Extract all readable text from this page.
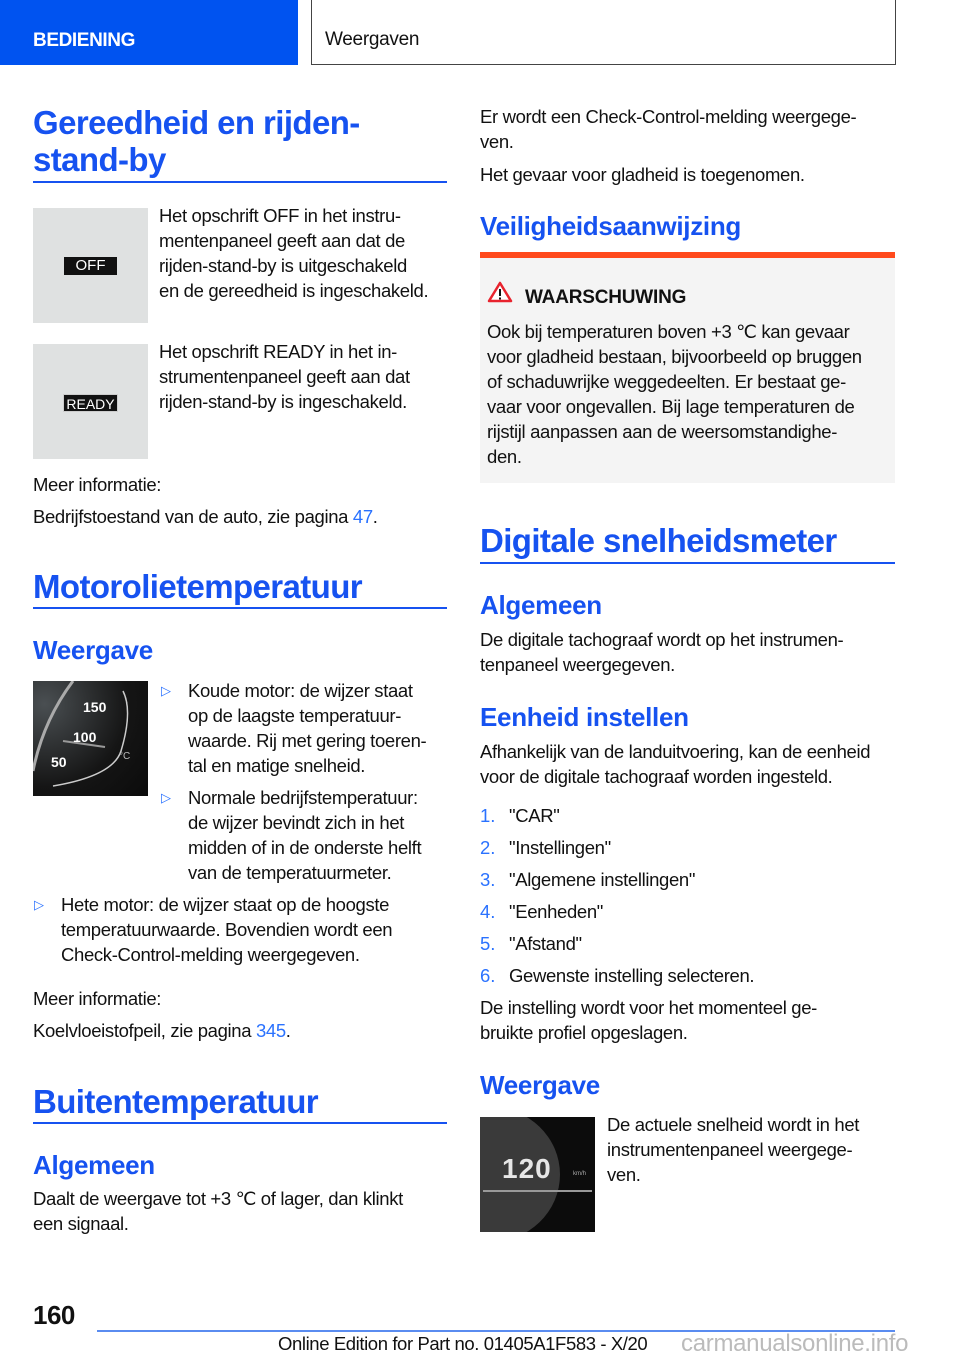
BEDIENING	Weergaven
Gereedheid en rijden-
stand-by
OFF
Het opschrift OFF in het instru-
mentenpaneel geeft aan dat de
rijden-stand-by is uitgeschakeld
en de gereedheid is ingeschakeld.
READY
Het opschrift READY in het in-
strumentenpaneel geeft aan dat
rijden-stand-by is ingeschakeld.
Meer informatie:
Bedrijfstoestand van de auto, zie pagina 47.
Motorolietemperatuur
Weergave
150
100
50	°C
▷ Koude motor: de wijzer staat
op de laagste temperatuur-
waarde. Rij met gering toeren-
tal en matige snelheid.
▷ Normale bedrijfstemperatuur:
de wijzer bevindt zich in het
midden of in de onderste helft
van de temperatuurmeter.
▷ Hete motor: de wijzer staat op de hoogste
temperatuurwaarde. Bovendien wordt een
Check-Control-melding weergegeven.
Meer informatie:
Koelvloeistofpeil, zie pagina 345.
Buitentemperatuur
Algemeen
Daalt de weergave tot +3 ℃ of lager, dan klinkt
een signaal.
Er wordt een Check-Control-melding weergege-
ven.
Het gevaar voor gladheid is toegenomen.
Veiligheidsaanwijzing
WAARSCHUWING
Ook bij temperaturen boven +3 ℃ kan gevaar
voor gladheid bestaan, bijvoorbeeld op bruggen
of schaduwrijke weggedeelten. Er bestaat ge-
vaar voor ongevallen. Bij lage temperaturen de
rijstijl aanpassen aan de weersomstandighe-
den.
Digitale snelheidsmeter
Algemeen
De digitale tachograaf wordt op het instrumen-
tenpaneel weergegeven.
Eenheid instellen
Afhankelijk van de landuitvoering, kan de eenheid
voor de digitale tachograaf worden ingesteld.
1. "CAR"
2. "Instellingen"
3. "Algemene instellingen"
4. "Eenheden"
5. "Afstand"
6. Gewenste instelling selecteren.
De instelling wordt voor het momenteel ge-
bruikte profiel opgeslagen.
Weergave
120	km/h
De actuele snelheid wordt in het
instrumentenpaneel weergege-
ven.
160
Online Edition for Part no. 01405A1F583 - X/20 carmanualsonline.info
